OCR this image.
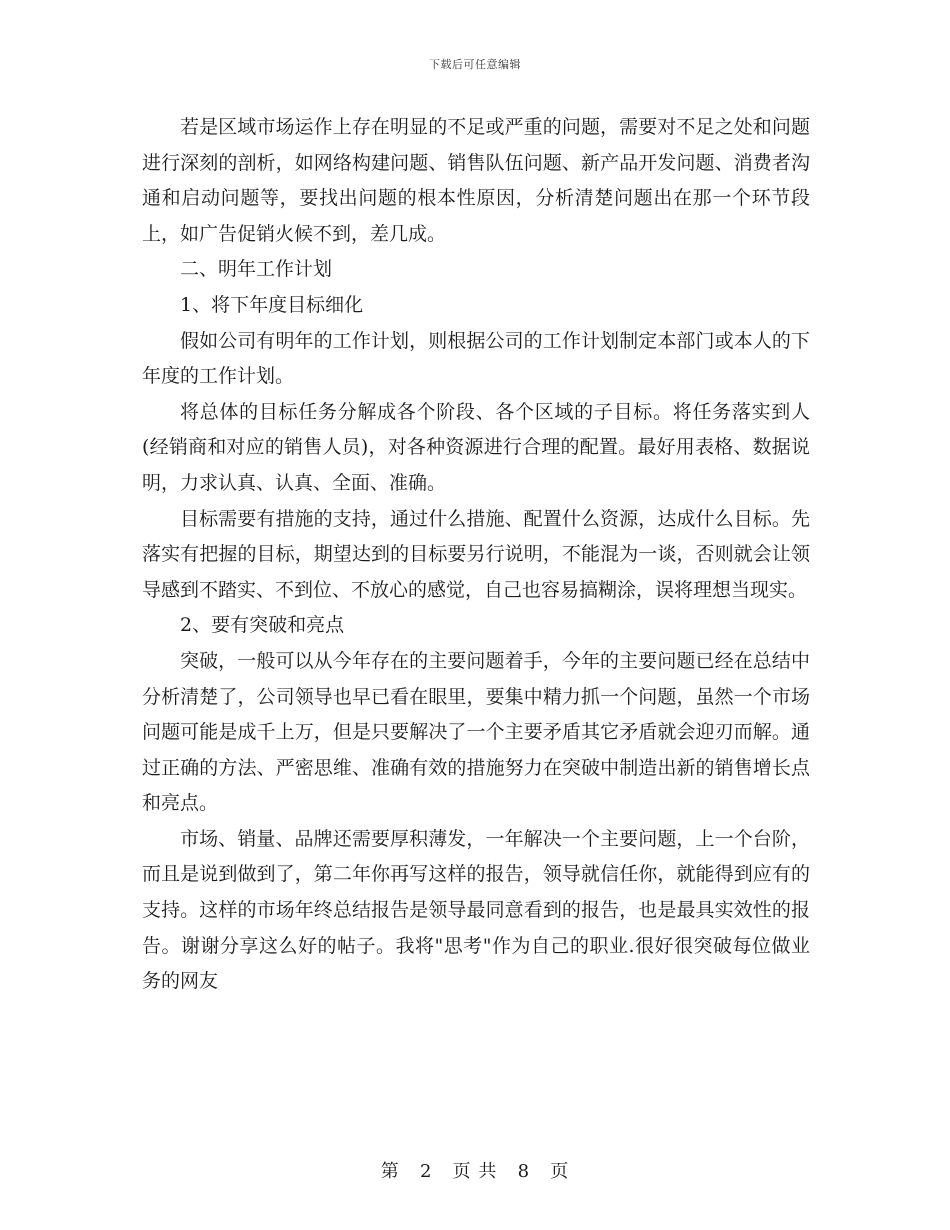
下载后可任意编辑

若是区域市场运作上存在明显的不足或严重的问题，需要对不足之处和问题进行深刻的剖析，如网络构建问题、销售队伍问题、新产品开发问题、消费者沟通和启动问题等，要找出问题的根本性原因，分析清楚问题出在那一个环节段上，如广告促销火候不到，差几成。

二、明年工作计划

1、将下年度目标细化

假如公司有明年的工作计划，则根据公司的工作计划制定本部门或本人的下年度的工作计划。

将总体的目标任务分解成各个阶段、各个区域的子目标。将任务落实到人(经销商和对应的销售人员)，对各种资源进行合理的配置。最好用表格、数据说明，力求认真、认真、全面、准确。

目标需要有措施的支持，通过什么措施、配置什么资源，达成什么目标。先落实有把握的目标，期望达到的目标要另行说明，不能混为一谈，否则就会让领导感到不踏实、不到位、不放心的感觉，自己也容易搞糊涂，误将理想当现实。

2、要有突破和亮点

突破，一般可以从今年存在的主要问题着手，今年的主要问题已经在总结中分析清楚了，公司领导也早已看在眼里，要集中精力抓一个问题，虽然一个市场问题可能是成千上万，但是只要解决了一个主要矛盾其它矛盾就会迎刃而解。通过正确的方法、严密思维、准确有效的措施努力在突破中制造出新的销售增长点和亮点。

市场、销量、品牌还需要厚积薄发，一年解决一个主要问题，上一个台阶，而且是说到做到了，第二年你再写这样的报告，领导就信任你，就能得到应有的支持。这样的市场年终总结报告是领导最同意看到的报告，也是最具实效性的报告。谢谢分享这么好的帖子。我将"思考"作为自己的职业.很好很突破每位做业务的网友

第 2 页 共 8 页
